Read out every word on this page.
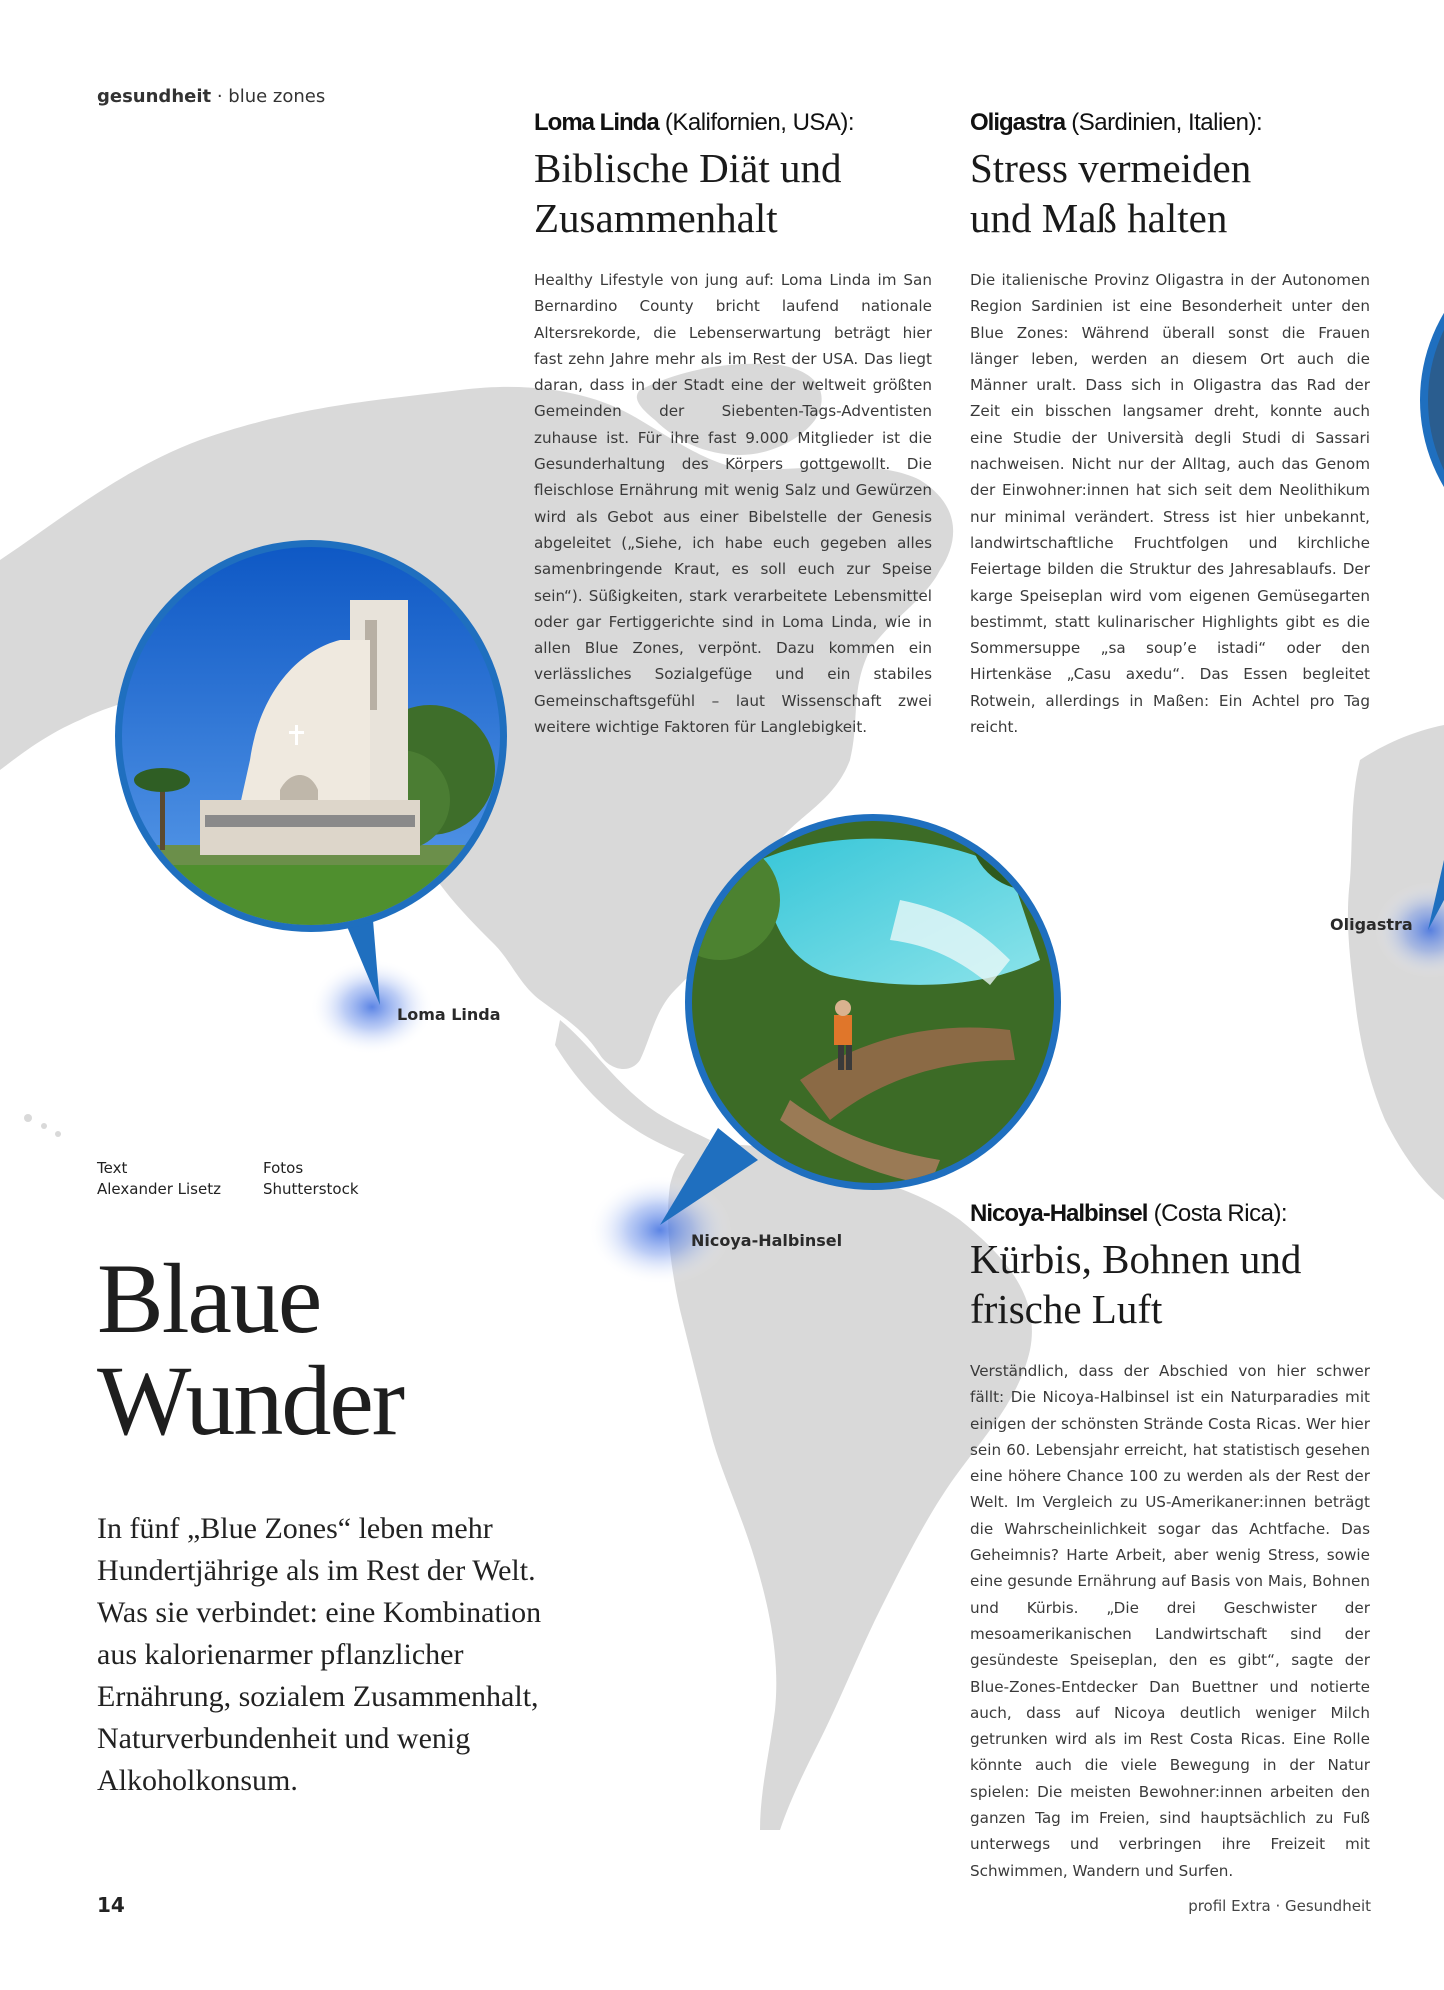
gesundheit · blue zones
Loma Linda (Kalifornien, USA):
Biblische Diät und
Zusammenhalt
Healthy Lifestyle von jung auf: Loma Linda im San Bernardino County bricht laufend nationale Altersrekorde, die Lebenserwartung beträgt hier fast zehn Jahre mehr als im Rest der USA. Das liegt daran, dass in der Stadt eine der weltweit größten Gemeinden der Siebenten-Tags-Adventisten zuhause ist. Für ihre fast 9.000 Mitglieder ist die Gesunderhaltung des Körpers gottgewollt. Die fleischlose Ernährung mit wenig Salz und Gewürzen wird als Gebot aus einer Bibelstelle der Genesis abgeleitet („Siehe, ich habe euch gegeben alles samenbringende Kraut, es soll euch zur Speise sein“). Süßigkeiten, stark verarbeitete Lebensmittel oder gar Fertiggerichte sind in Loma Linda, wie in allen Blue Zones, verpönt. Dazu kommen ein verlässliches Sozialgefüge und ein stabiles Gemeinschaftsgefühl – laut Wissenschaft zwei weitere wichtige Faktoren für Langlebigkeit.
Oligastra (Sardinien, Italien):
Stress vermeiden
und Maß halten
Die italienische Provinz Oligastra in der Autonomen Region Sardinien ist eine Besonderheit unter den Blue Zones: Während überall sonst die Frauen länger leben, werden an diesem Ort auch die Männer uralt. Dass sich in Oligastra das Rad der Zeit ein bisschen langsamer dreht, konnte auch eine Studie der Università degli Studi di Sassari nachweisen. Nicht nur der Alltag, auch das Genom der Einwohner:innen hat sich seit dem Neolithikum nur minimal verändert. Stress ist hier unbekannt, landwirtschaftliche Fruchtfolgen und kirchliche Feiertage bilden die Struktur des Jahresablaufs. Der karge Speiseplan wird vom eigenen Gemüsegarten bestimmt, statt kulinarischer Highlights gibt es die Sommersuppe „sa soup’e istadi“ oder den Hirtenkäse „Casu axedu“. Das Essen begleitet Rotwein, allerdings in Maßen: Ein Achtel pro Tag reicht.
Nicoya-Halbinsel (Costa Rica):
Kürbis, Bohnen und
frische Luft
Verständlich, dass der Abschied von hier schwer fällt: Die Nicoya-Halbinsel ist ein Naturparadies mit einigen der schönsten Strände Costa Ricas. Wer hier sein 60. Lebensjahr erreicht, hat statistisch gesehen eine höhere Chance 100 zu werden als der Rest der Welt. Im Vergleich zu US-Amerikaner:innen beträgt die Wahrscheinlichkeit sogar das Achtfache. Das Geheimnis? Harte Arbeit, aber wenig Stress, sowie eine gesunde Ernährung auf Basis von Mais, Bohnen und Kürbis. „Die drei Geschwister der mesoamerikanischen Landwirtschaft sind der gesündeste Speiseplan, den es gibt“, sagte der Blue-Zones-Entdecker Dan Buettner und notierte auch, dass auf Nicoya deutlich weniger Milch getrunken wird als im Rest Costa Ricas. Eine Rolle könnte auch die viele Bewegung in der Natur spielen: Die meisten Bewohner:innen arbeiten den ganzen Tag im Freien, sind hauptsächlich zu Fuß unterwegs und verbringen ihre Freizeit mit Schwimmen, Wandern und Surfen.
Loma Linda
Nicoya-Halbinsel
Oligastra
Text
Alexander Lisetz
Fotos
Shutterstock
Blaue
Wunder
In fünf „Blue Zones“ leben mehr Hundertjährige als im Rest der Welt. Was sie verbindet: eine Kombination aus kalorienarmer pflanzlicher Ernährung, sozialem Zusammenhalt, Naturverbundenheit und wenig Alkoholkonsum.
14	profil Extra · Gesundheit
